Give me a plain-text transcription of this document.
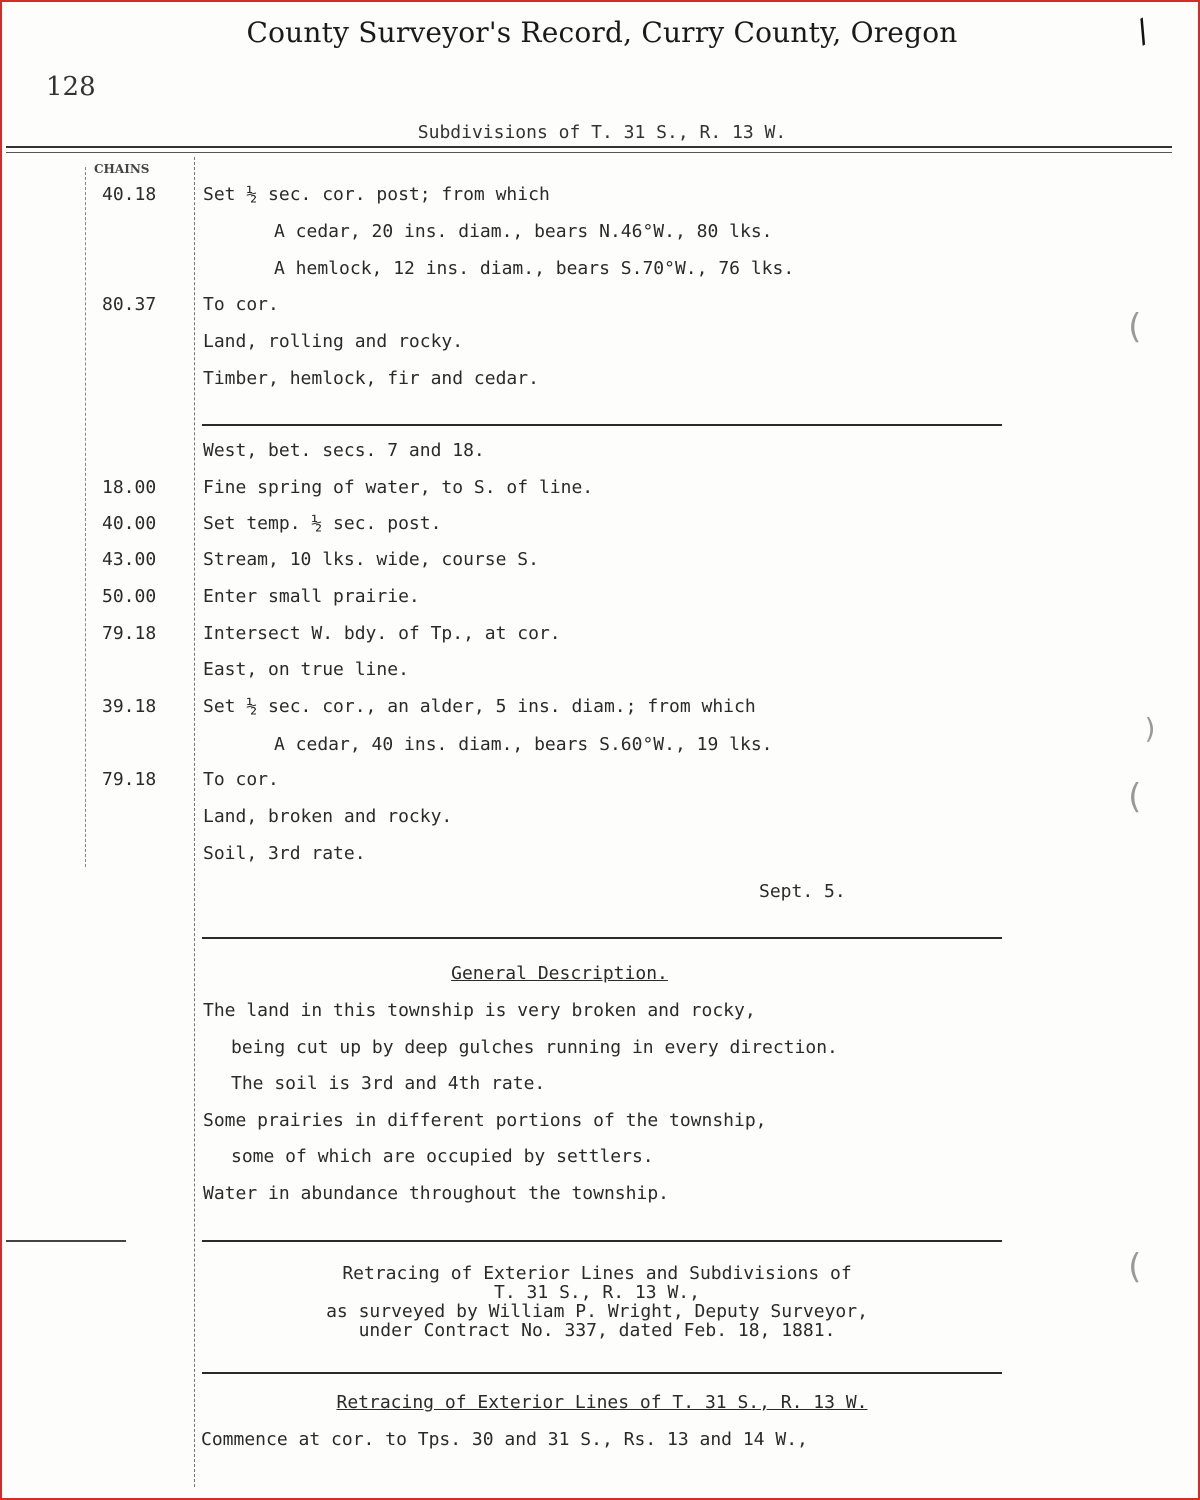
County Surveyor's Record, Curry County, Oregon
128
Subdivisions of T. 31 S., R. 13 W.
CHAINS
40.18	Set ½ sec. cor. post; from which
A cedar, 20 ins. diam., bears N.46°W., 80 lks.
A hemlock, 12 ins. diam., bears S.70°W., 76 lks.
80.37	To cor.
Land, rolling and rocky.
Timber, hemlock, fir and cedar.
West, bet. secs. 7 and 18.
18.00	Fine spring of water, to S. of line.
40.00	Set temp. ½ sec. post.
43.00	Stream, 10 lks. wide, course S.
50.00	Enter small prairie.
79.18	Intersect W. bdy. of Tp., at cor.
East, on true line.
39.18	Set ½ sec. cor., an alder, 5 ins. diam.; from which
A cedar, 40 ins. diam., bears S.60°W., 19 lks.
79.18	To cor.
Land, broken and rocky.
Soil, 3rd rate.
Sept. 5.
General Description.
The land in this township is very broken and rocky,
being cut up by deep gulches running in every direction.
The soil is 3rd and 4th rate.
Some prairies in different portions of the township,
some of which are occupied by settlers.
Water in abundance throughout the township.
Retracing of Exterior Lines and Subdivisions of
T. 31 S., R. 13 W.,
as surveyed by William P. Wright, Deputy Surveyor,
under Contract No. 337, dated Feb. 18, 1881.
Retracing of Exterior Lines of T. 31 S., R. 13 W.
Commence at cor. to Tps. 30 and 31 S., Rs. 13 and 14 W.,
/
(
)
(
(
